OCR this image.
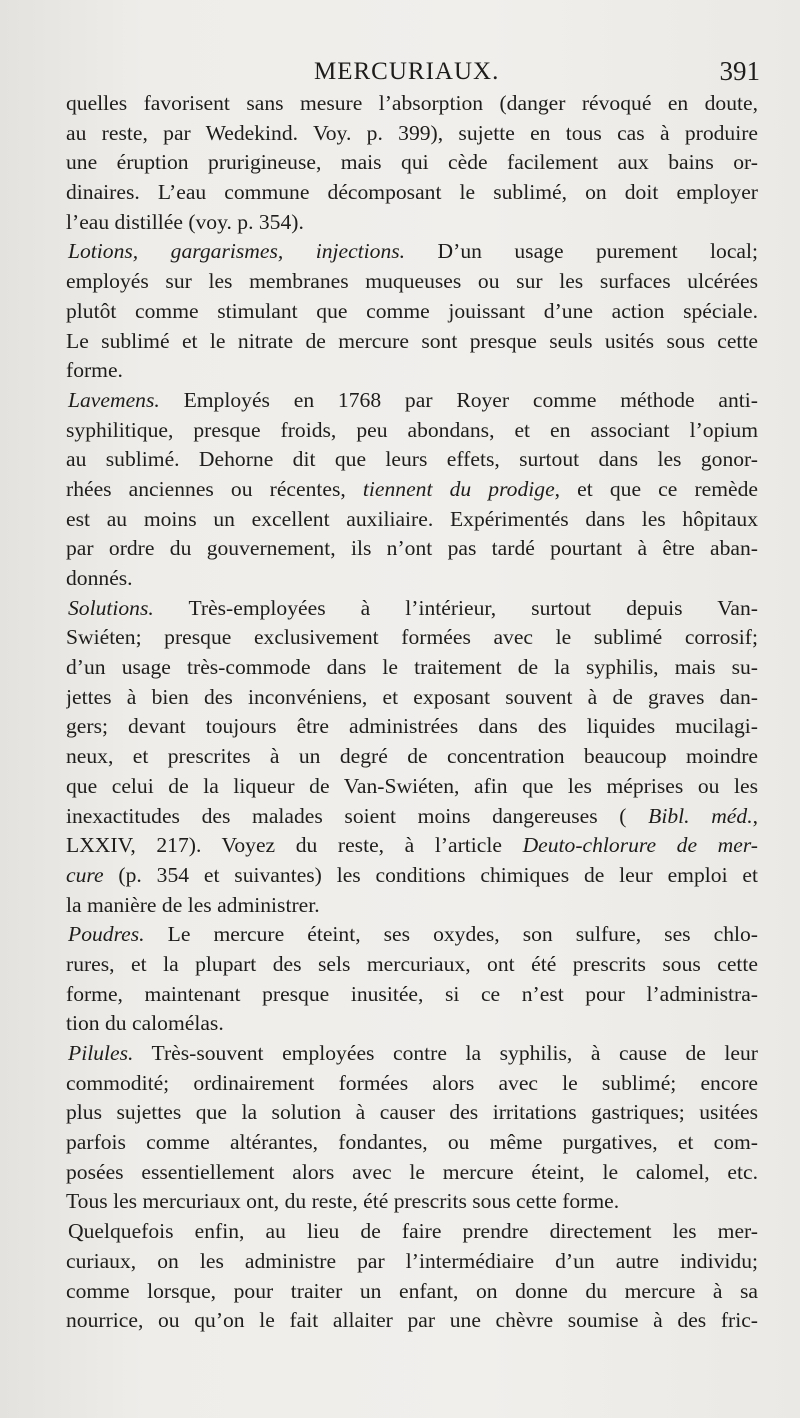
MERCURIAUX.	391
quelles favorisent sans mesure l’absorption (danger révoqué en doute,
au reste, par Wedekind. Voy. p. 399), sujette en tous cas à produire
une éruption prurigineuse, mais qui cède facilement aux bains or-
dinaires. L’eau commune décomposant le sublimé, on doit employer
l’eau distillée (voy. p. 354).
Lotions, gargarismes, injections. D’un usage purement local;
employés sur les membranes muqueuses ou sur les surfaces ulcérées
plutôt comme stimulant que comme jouissant d’une action spéciale.
Le sublimé et le nitrate de mercure sont presque seuls usités sous cette
forme.
Lavemens. Employés en 1768 par Royer comme méthode anti-
syphilitique, presque froids, peu abondans, et en associant l’opium
au sublimé. Dehorne dit que leurs effets, surtout dans les gonor-
rhées anciennes ou récentes, tiennent du prodige, et que ce remède
est au moins un excellent auxiliaire. Expérimentés dans les hôpitaux
par ordre du gouvernement, ils n’ont pas tardé pourtant à être aban-
donnés.
Solutions. Très-employées à l’intérieur, surtout depuis Van-
Swiéten; presque exclusivement formées avec le sublimé corrosif;
d’un usage très-commode dans le traitement de la syphilis, mais su-
jettes à bien des inconvéniens, et exposant souvent à de graves dan-
gers; devant toujours être administrées dans des liquides mucilagi-
neux, et prescrites à un degré de concentration beaucoup moindre
que celui de la liqueur de Van-Swiéten, afin que les méprises ou les
inexactitudes des malades soient moins dangereuses ( Bibl. méd.,
LXXIV, 217). Voyez du reste, à l’article Deuto-chlorure de mer-
cure (p. 354 et suivantes) les conditions chimiques de leur emploi et
la manière de les administrer.
Poudres. Le mercure éteint, ses oxydes, son sulfure, ses chlo-
rures, et la plupart des sels mercuriaux, ont été prescrits sous cette
forme, maintenant presque inusitée, si ce n’est pour l’administra-
tion du calomélas.
Pilules. Très-souvent employées contre la syphilis, à cause de leur
commodité; ordinairement formées alors avec le sublimé; encore
plus sujettes que la solution à causer des irritations gastriques; usitées
parfois comme altérantes, fondantes, ou même purgatives, et com-
posées essentiellement alors avec le mercure éteint, le calomel, etc.
Tous les mercuriaux ont, du reste, été prescrits sous cette forme.
Quelquefois enfin, au lieu de faire prendre directement les mer-
curiaux, on les administre par l’intermédiaire d’un autre individu;
comme lorsque, pour traiter un enfant, on donne du mercure à sa
nourrice, ou qu’on le fait allaiter par une chèvre soumise à des fric-
